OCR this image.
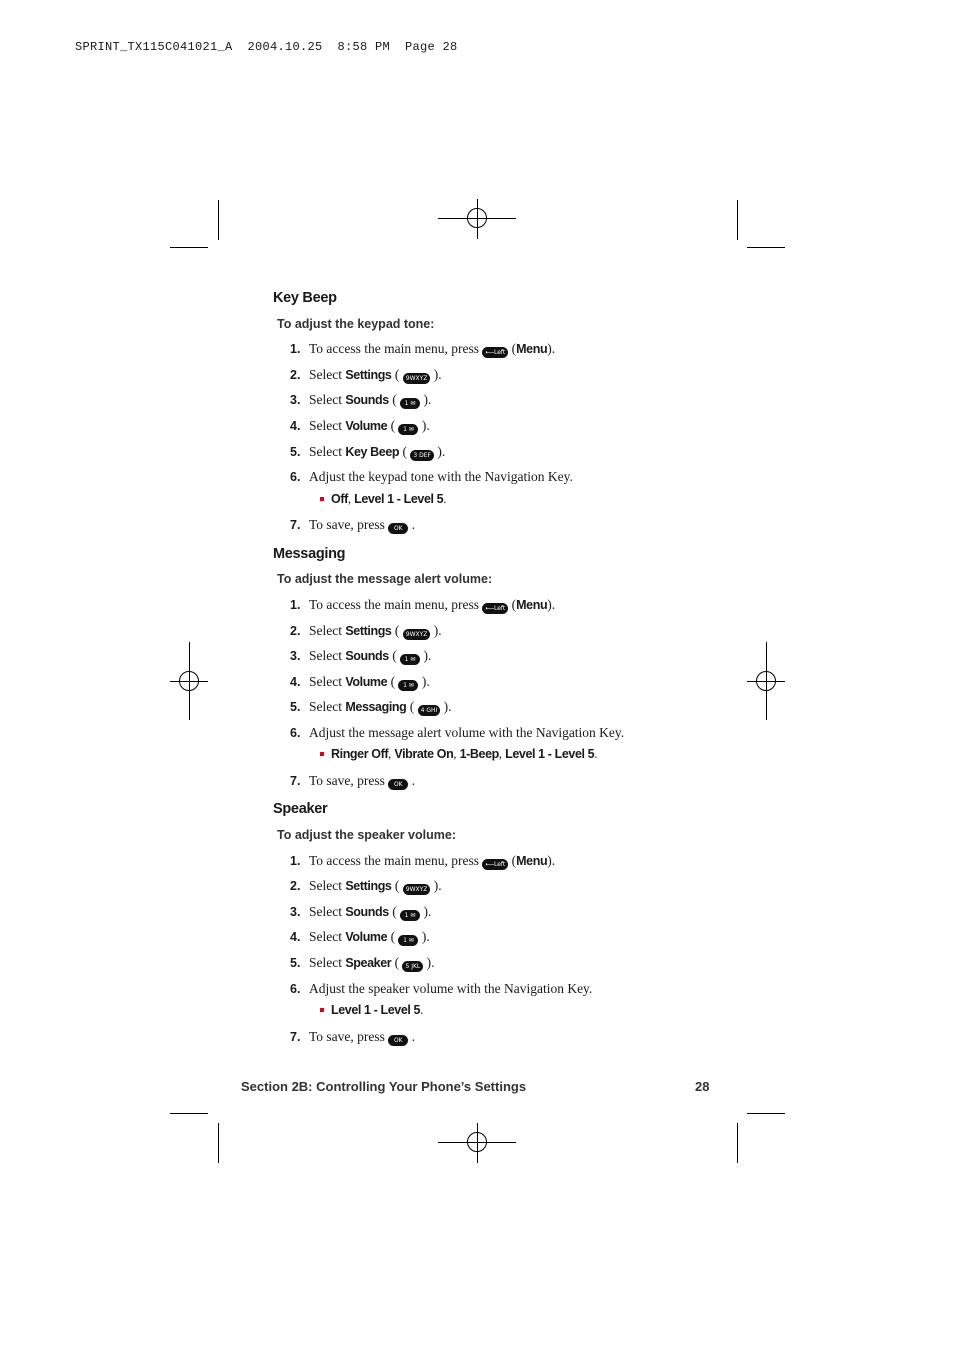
SPRINT_TX115C041021_A  2004.10.25  8:58 PM  Page 28
Key Beep
To adjust the keypad tone:
1. To access the main menu, press ⟵Left (Menu).
2. Select Settings ( 9WXYZ ).
3. Select Sounds ( 1 ✉ ).
4. Select Volume ( 1 ✉ ).
5. Select Key Beep ( 3 DEF ).
6. Adjust the keypad tone with the Navigation Key.
Off, Level 1 - Level 5.
7. To save, press OK .
Messaging
To adjust the message alert volume:
1. To access the main menu, press ⟵Left (Menu).
2. Select Settings ( 9WXYZ ).
3. Select Sounds ( 1 ✉ ).
4. Select Volume ( 1 ✉ ).
5. Select Messaging ( 4 GHI ).
6. Adjust the message alert volume with the Navigation Key.
Ringer Off, Vibrate On, 1-Beep, Level 1 - Level 5.
7. To save, press OK .
Speaker
To adjust the speaker volume:
1. To access the main menu, press ⟵Left (Menu).
2. Select Settings ( 9WXYZ ).
3. Select Sounds ( 1 ✉ ).
4. Select Volume ( 1 ✉ ).
5. Select Speaker ( 5 JKL ).
6. Adjust the speaker volume with the Navigation Key.
Level 1 - Level 5.
7. To save, press OK .
Section 2B: Controlling Your Phone’s Settings	28
